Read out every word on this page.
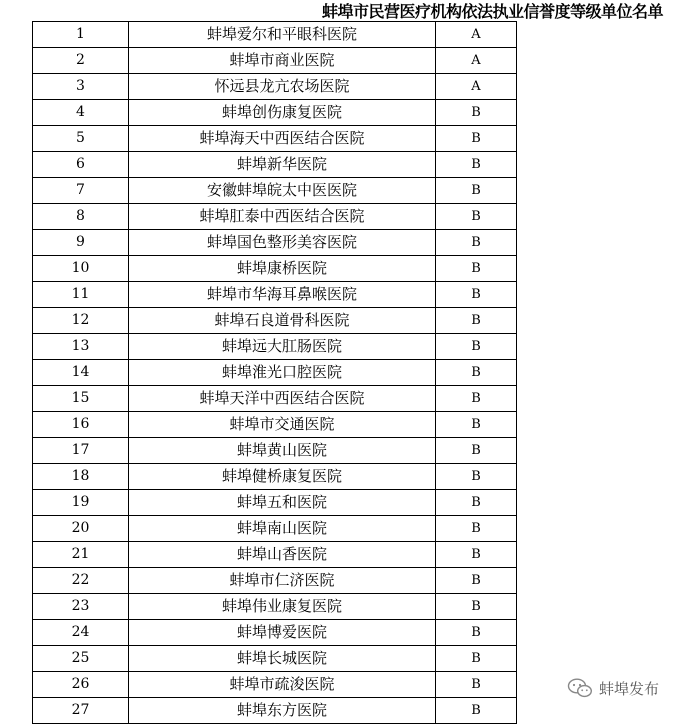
蚌埠市民营医疗机构依法执业信誉度等级单位名单
1	蚌埠爱尔和平眼科医院	A
2	蚌埠市商业医院	A
3	怀远县龙亢农场医院	A
4	蚌埠创伤康复医院	B
5	蚌埠海天中西医结合医院	B
6	蚌埠新华医院	B
7	安徽蚌埠皖太中医医院	B
8	蚌埠肛泰中西医结合医院	B
9	蚌埠国色整形美容医院	B
10	蚌埠康桥医院	B
11	蚌埠市华海耳鼻喉医院	B
12	蚌埠石良道骨科医院	B
13	蚌埠远大肛肠医院	B
14	蚌埠淮光口腔医院	B
15	蚌埠天洋中西医结合医院	B
16	蚌埠市交通医院	B
17	蚌埠黄山医院	B
18	蚌埠健桥康复医院	B
19	蚌埠五和医院	B
20	蚌埠南山医院	B
21	蚌埠山香医院	B
22	蚌埠市仁济医院	B
23	蚌埠伟业康复医院	B
24	蚌埠博爱医院	B
25	蚌埠长城医院	B
26	蚌埠市疏浚医院	B
27	蚌埠东方医院	B
蚌埠发布
